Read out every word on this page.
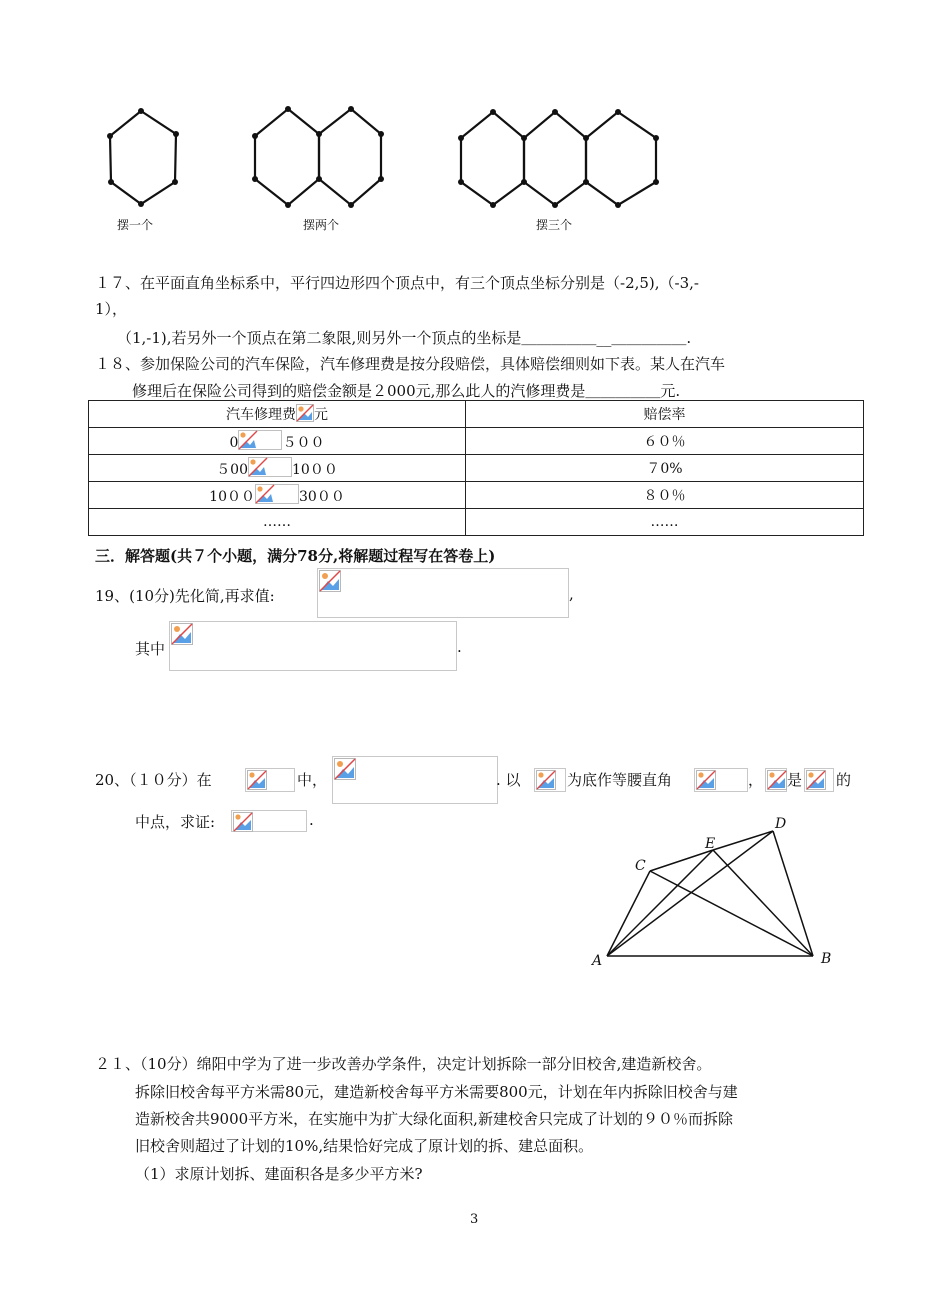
摆一个	摆两个	摆三个
１７、在平面直角坐标系中，平行四边形四个顶点中，有三个顶点坐标分别是（-2,5),（-3,-
1），
（1,-1),若另外一个顶点在第二象限,则另外一个顶点的坐标是＿＿＿＿＿__＿＿＿＿＿.
１８、参加保险公司的汽车保险，汽车修理费是按分段赔偿，具体赔偿细则如下表。某人在汽车
修理后在保险公司得到的赔偿金额是２000元,那么此人的汽修理费是＿＿＿＿＿元.
汽车修理费 元	赔偿率
0 ５００	６０％
５00 10００	７0%
10００ 30００	８０％
……	……
三．解答题(共７个小题，满分78分,将解题过程写在答卷上)
19、(10分)先化简,再求值:	,
其中	.
20、（１０分）在	中，	. 以	为底作等腰直角	， 是 的
中点，求证:	.	D
E
C
A	B
２１、（10分）绵阳中学为了进一步改善办学条件，决定计划拆除一部分旧校舍,建造新校舍。
拆除旧校舍每平方米需80元，建造新校舍每平方米需要800元，计划在年内拆除旧校舍与建
造新校舍共9000平方米，在实施中为扩大绿化面积,新建校舍只完成了计划的９０％而拆除
旧校舍则超过了计划的10%,结果恰好完成了原计划的拆、建总面积。
（1）求原计划拆、建面积各是多少平方米?
3
